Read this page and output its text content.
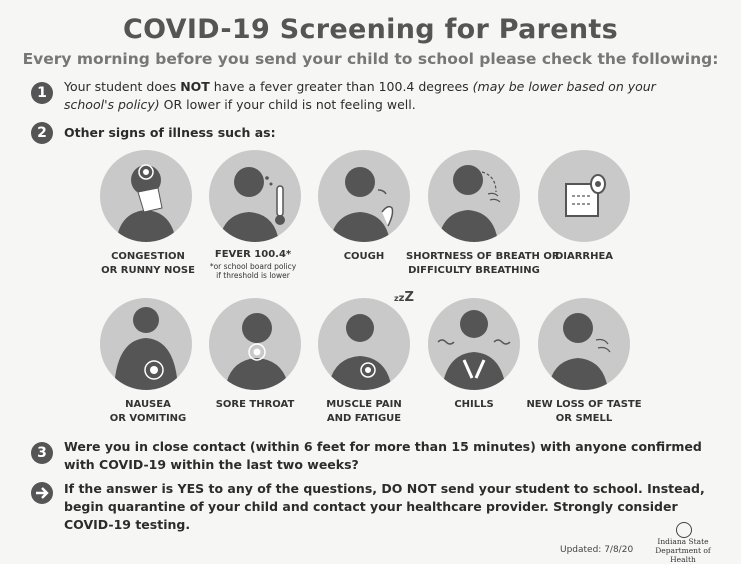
COVID-19 Screening for Parents
Every morning before you send your child to school please check the following:
1	Your student does NOT have a fever greater than 100.4 degrees (may be lower based on your school's policy) OR lower if your child is not feeling well.
2	Other signs of illness such as:
CONGESTION
OR RUNNY NOSE
FEVER 100.4*
*or school board policy
if threshold is lower
COUGH	SHORTNESS OF BREATH OR
DIFFICULTY BREATHING
DIARRHEA
zzZ
NAUSEA
OR VOMITING
SORE THROAT	MUSCLE PAIN
AND FATIGUE
CHILLS	NEW LOSS OF TASTE
OR SMELL
3	Were you in close contact (within 6 feet for more than 15 minutes) with anyone confirmed
with COVID-19 within the last two weeks?
If the answer is YES to any of the questions, DO NOT send your student to school. Instead,
begin quarantine of your child and contact your healthcare provider. Strongly consider
COVID-19 testing.
Updated: 7/8/20
Indiana State
Department of Health
